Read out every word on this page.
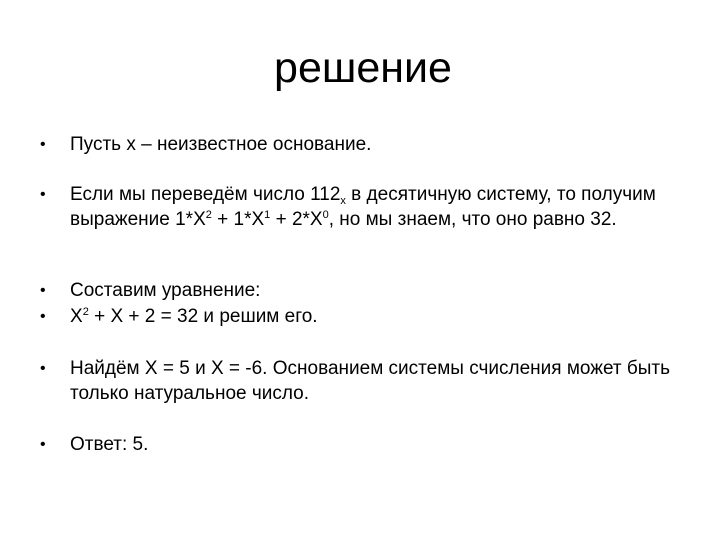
решение
•	Пусть x – неизвестное основание.
•	Если мы переведём число $112_x$ в десятичную систему, то получим выражение $1*X^2 + 1*X^1 + 2*X^0$, но мы знаем, что оно равно 32.
•	Составим уравнение:
•	$X^2 + X + 2 = 32$ и решим его.
•	Найдём X = 5 и X = -6. Основанием системы счисления может быть только натуральное число.
•	Ответ: 5.
